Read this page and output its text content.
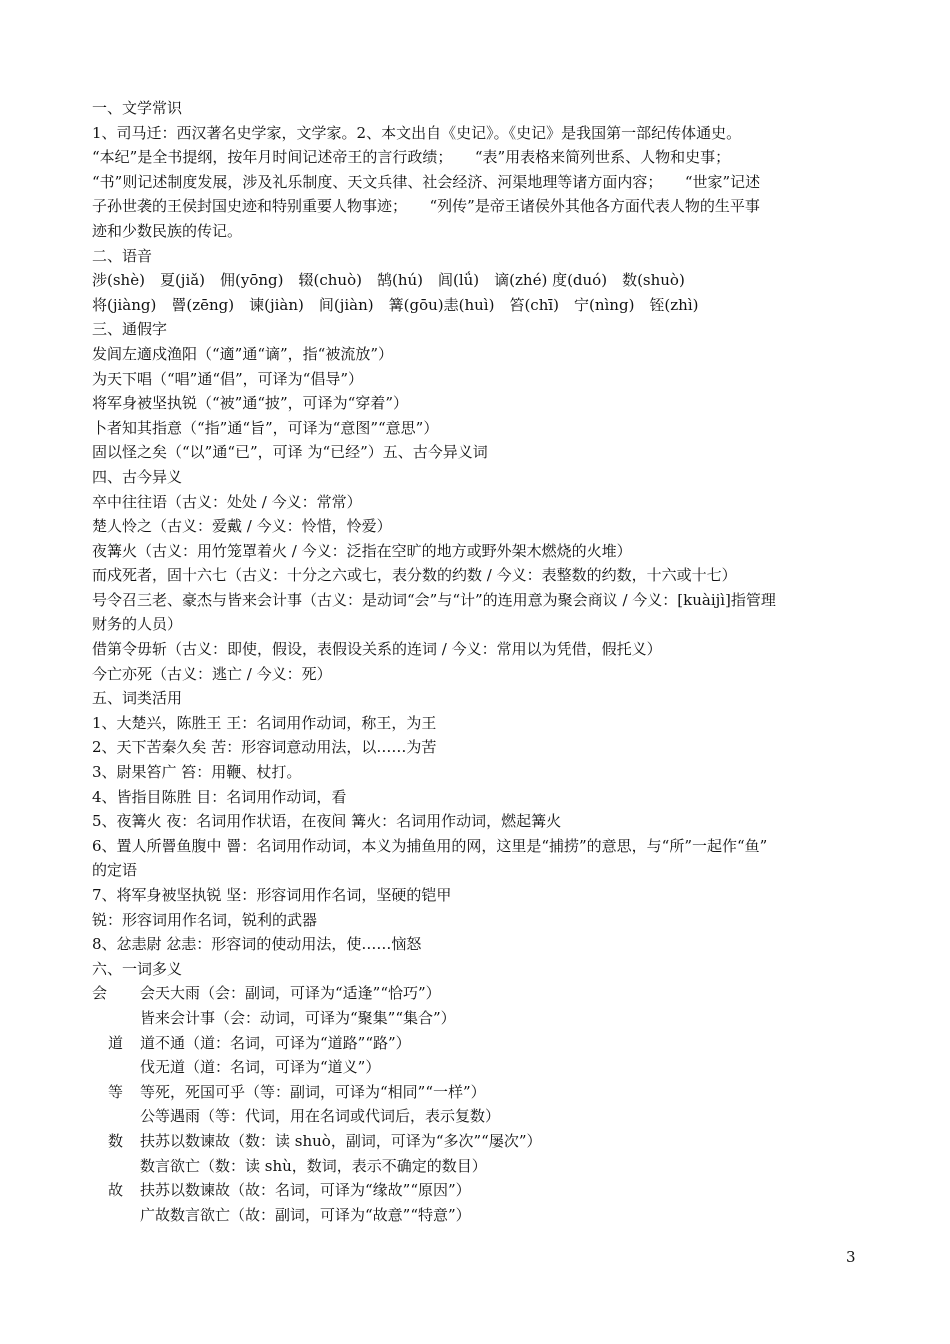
一、文学常识
1、司马迁：西汉著名史学家，文学家。2、本文出自《史记》。《史记》是我国第一部纪传体通史。
“本纪”是全书提纲，按年月时间记述帝王的言行政绩；　　“表”用表格来简列世系、人物和史事；
“书”则记述制度发展，涉及礼乐制度、天文兵律、社会经济、河渠地理等诸方面内容；　　“世家”记述
子孙世袭的王侯封国史迹和特别重要人物事迹；　　“列传”是帝王诸侯外其他各方面代表人物的生平事
迹和少数民族的传记。
二、语音
涉(shè)　夏(jiǎ)　佣(yōng)　辍(chuò)　鹄(hú)　闾(lǘ)　谪(zhé) 度(duó)　数(shuò)
将(jiàng)　罾(zēng)　谏(jiàn)　间(jiàn)　篝(gōu)恚(huì)　笞(chī)　宁(nìng)　铚(zhì)
三、通假字
发闾左適戍渔阳（“適”通“谪”，指“被流放”）
为天下唱（“唱”通“倡”，可译为“倡导”）
将军身被坚执锐（“被”通“披”，可译为“穿着”）
卜者知其指意（“指”通“旨”，可译为“意图”“意思”）
固以怪之矣（“以”通“已”，可译 为“已经”）五、古今异义词
四、古今异义
卒中往往语（古义：处处 / 今义：常常）
楚人怜之（古义：爱戴 / 今义：怜惜，怜爱）
夜篝火（古义：用竹笼罩着火 / 今义：泛指在空旷的地方或野外架木燃烧的火堆）
而戍死者，固十六七（古义：十分之六或七，表分数的约数 / 今义：表整数的约数，十六或十七）
号令召三老、豪杰与皆来会计事（古义：是动词“会”与“计”的连用意为聚会商议 / 今义：[kuàijì]指管理
财务的人员）
借第令毋斩（古义：即使，假设，表假设关系的连词 / 今义：常用以为凭借，假托义）
今亡亦死（古义：逃亡 / 今义：死）
五、词类活用
1、大楚兴，陈胜王 王：名词用作动词，称王，为王
2、天下苦秦久矣 苦：形容词意动用法，以……为苦
3、尉果笞广 笞：用鞭、杖打。
4、皆指目陈胜 目：名词用作动词，看
5、夜篝火 夜：名词用作状语，在夜间 篝火：名词用作动词，燃起篝火
6、置人所罾鱼腹中 罾：名词用作动词，本义为捕鱼用的网，这里是“捕捞”的意思，与“所”一起作“鱼”
的定语
7、将军身被坚执锐 坚：形容词用作名词，坚硬的铠甲
锐：形容词用作名词，锐利的武器
8、忿恚尉 忿恚：形容词的使动用法，使……恼怒
六、一词多义
会 会天大雨（会：副词，可译为“适逢”“恰巧”）
皆来会计事（会：动词，可译为“聚集”“集合”）
道 道不通（道：名词，可译为“道路”“路”）
伐无道（道：名词，可译为“道义”）
等 等死，死国可乎（等：副词，可译为“相同”“一样”）
公等遇雨（等：代词，用在名词或代词后，表示复数）
数 扶苏以数谏故（数：读 shuò，副词，可译为“多次”“屡次”）
数言欲亡（数：读 shù，数词，表示不确定的数目）
故 扶苏以数谏故（故：名词，可译为“缘故”“原因”）
广故数言欲亡（故：副词，可译为“故意”“特意”）
3
